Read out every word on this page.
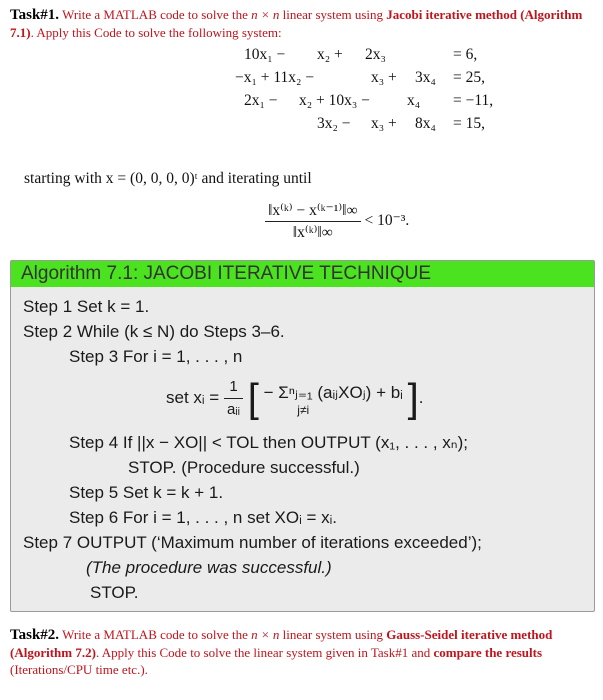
Task#1. Write a MATLAB code to solve the n × n linear system using Jacobi iterative method (Algorithm 7.1). Apply this Code to solve the following system:
10x₁ − x₂ + 2x₃	= 6,
−x₁ + 11x₂ −	x₃ + 3x₄ = 25,
2x₁ − x₂ + 10x₃ − x₄ = −11,
3x₂ − x₃ + 8x₄ = 15,
starting with x = (0, 0, 0, 0)ᵗ and iterating until
$\frac{\text{‖x⁽ᵏ⁾ − x⁽ᵏ⁻¹⁾‖∞}}{\text{‖x⁽ᵏ⁾‖∞}} < 10^{-3}$.
Algorithm 7.1: JACOBI ITERATIVE TECHNIQUE
Step 1 Set k = 1.
Step 2 While (k ≤ N) do Steps 3–6.
Step 3 For i = 1, . . . , n
set xᵢ = $\frac{1}{\text{aᵢᵢ}}$ [ − Σⁿⱼ₌₁ (aᵢⱼXOⱼ) + bᵢ
j≠i	].
Step 4 If ||x − XO|| < TOL then OUTPUT (x₁, . . . , xₙ);
STOP. (Procedure successful.)
Step 5 Set k = k + 1.
Step 6 For i = 1, . . . , n set XOᵢ = xᵢ.
Step 7 OUTPUT (‘Maximum number of iterations exceeded’);
(The procedure was successful.)
STOP.
Task#2. Write a MATLAB code to solve the n × n linear system using Gauss-Seidel iterative method (Algorithm 7.2). Apply this Code to solve the linear system given in Task#1 and compare the results (Iterations/CPU time etc.).
